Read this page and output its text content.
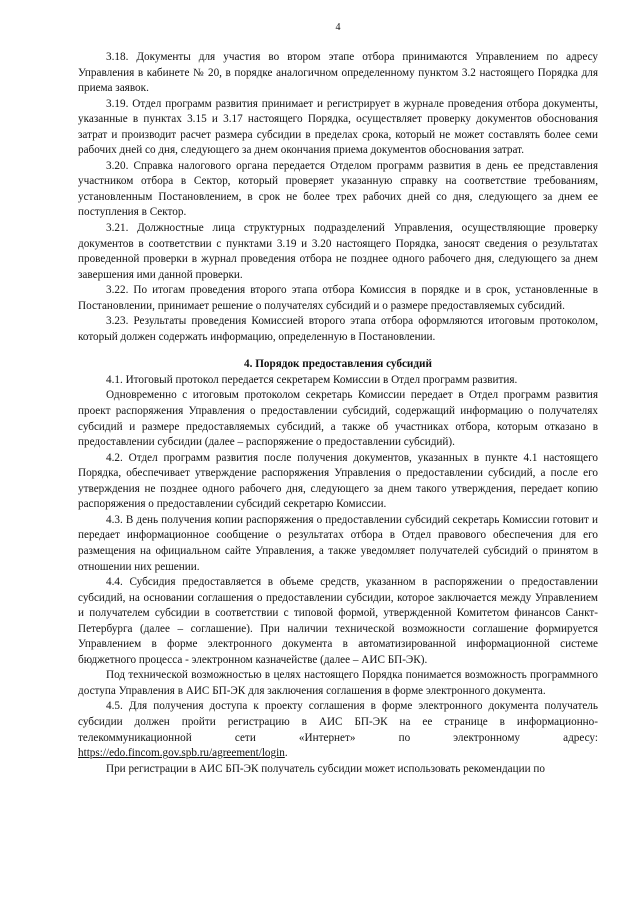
4

3.18. Документы для участия во втором этапе отбора принимаются Управлением по адресу Управления в кабинете № 20, в порядке аналогичном определенному пунктом 3.2 настоящего Порядка для приема заявок.

3.19. Отдел программ развития принимает и регистрирует в журнале проведения отбора документы, указанные в пунктах 3.15 и 3.17 настоящего Порядка, осуществляет проверку документов обоснования затрат и производит расчет размера субсидии в пределах срока, который не может составлять более семи рабочих дней со дня, следующего за днем окончания приема документов обоснования затрат.

3.20. Справка налогового органа передается Отделом программ развития в день ее представления участником отбора в Сектор, который проверяет указанную справку на соответствие требованиям, установленным Постановлением, в срок не более трех рабочих дней со дня, следующего за днем ее поступления в Сектор.

3.21. Должностные лица структурных подразделений Управления, осуществляющие проверку документов в соответствии с пунктами 3.19 и 3.20 настоящего Порядка, заносят сведения о результатах проведенной проверки в журнал проведения отбора не позднее одного рабочего дня, следующего за днем завершения ими данной проверки.

3.22. По итогам проведения второго этапа отбора Комиссия в порядке и в срок, установленные в Постановлении, принимает решение о получателях субсидий и о размере предоставляемых субсидий.

3.23. Результаты проведения Комиссией второго этапа отбора оформляются итоговым протоколом, который должен содержать информацию, определенную в Постановлении.

4. Порядок предоставления субсидий

4.1. Итоговый протокол передается секретарем Комиссии в Отдел программ развития.

Одновременно с итоговым протоколом секретарь Комиссии передает в Отдел программ развития проект распоряжения Управления о предоставлении субсидий, содержащий информацию о получателях субсидий и размере предоставляемых субсидий, а также об участниках отбора, которым отказано в предоставлении субсидии (далее – распоряжение о предоставлении субсидий).

4.2. Отдел программ развития после получения документов, указанных в пункте 4.1 настоящего Порядка, обеспечивает утверждение распоряжения Управления о предоставлении субсидий, а после его утверждения не позднее одного рабочего дня, следующего за днем такого утверждения, передает копию распоряжения о предоставлении субсидий секретарю Комиссии.

4.3. В день получения копии распоряжения о предоставлении субсидий секретарь Комиссии готовит и передает информационное сообщение о результатах отбора в Отдел правового обеспечения для его размещения на официальном сайте Управления, а также уведомляет получателей субсидий о принятом в отношении них решении.

4.4. Субсидия предоставляется в объеме средств, указанном в распоряжении о предоставлении субсидий, на основании соглашения о предоставлении субсидии, которое заключается между Управлением и получателем субсидии в соответствии с типовой формой, утвержденной Комитетом финансов Санкт-Петербурга (далее – соглашение). При наличии технической возможности соглашение формируется Управлением в форме электронного документа в автоматизированной информационной системе бюджетного процесса - электронном казначействе (далее – АИС БП-ЭК).

Под технической возможностью в целях настоящего Порядка понимается возможность программного доступа Управления в АИС БП-ЭК для заключения соглашения в форме электронного документа.

4.5. Для получения доступа к проекту соглашения в форме электронного документа получатель субсидии должен пройти регистрацию в АИС БП-ЭК на ее странице в информационно-телекоммуникационной сети «Интернет» по электронному адресу: https://edo.fincom.gov.spb.ru/agreement/login.

При регистрации в АИС БП-ЭК получатель субсидии может использовать рекомендации по
